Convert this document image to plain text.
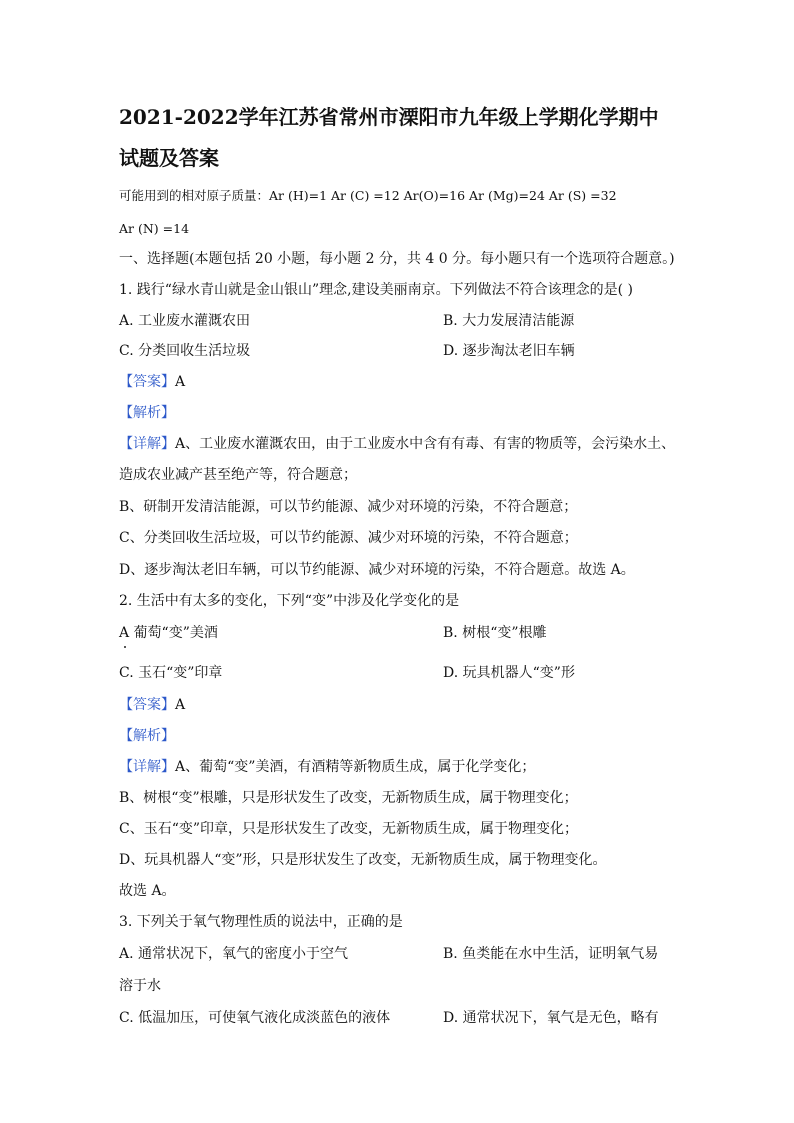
2021-2022学年江苏省常州市溧阳市九年级上学期化学期中
试题及答案
可能用到的相对原子质量：Ar (H)=1 Ar (C) =12 Ar(O)=16 Ar (Mg)=24 Ar (S) =32
Ar (N) =14
一、选择题(本题包括 20 小题，每小题 2 分，共 4 0 分。每小题只有一个选项符合题意。)
1. 践行“绿水青山就是金山银山”理念,建设美丽南京。下列做法不符合该理念的是( )
A. 工业废水灌溉农田	B. 大力发展清洁能源
C. 分类回收生活垃圾	D. 逐步淘汰老旧车辆
【答案】A
【解析】
【详解】A、工业废水灌溉农田，由于工业废水中含有有毒、有害的物质等，会污染水土、
造成农业减产甚至绝产等，符合题意；
B、研制开发清洁能源，可以节约能源、减少对环境的污染，不符合题意；
C、分类回收生活垃圾，可以节约能源、减少对环境的污染，不符合题意；
D、逐步淘汰老旧车辆，可以节约能源、减少对环境的污染，不符合题意。故选 A。
2. 生活中有太多的变化，下列“变”中涉及化学变化的是
A 葡萄“变”美酒	B. 树根“变”根雕
C. 玉石“变”印章	D. 玩具机器人“变”形
【答案】A
【解析】
【详解】A、葡萄“变”美酒，有酒精等新物质生成，属于化学变化；
B、树根“变”根雕，只是形状发生了改变，无新物质生成，属于物理变化；
C、玉石“变”印章，只是形状发生了改变，无新物质生成，属于物理变化；
D、玩具机器人“变”形，只是形状发生了改变，无新物质生成，属于物理变化。
故选 A。
3. 下列关于氧气物理性质的说法中，正确的是
A. 通常状况下，氧气的密度小于空气	B. 鱼类能在水中生活，证明氧气易
溶于水
C. 低温加压，可使氧气液化成淡蓝色的液体	D. 通常状况下，氧气是无色，略有
